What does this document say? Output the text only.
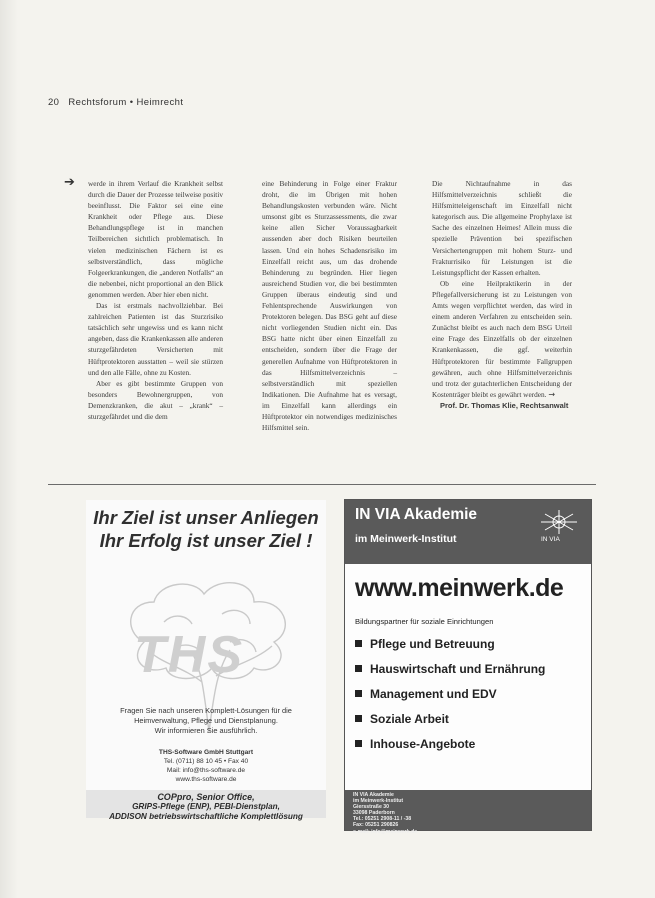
20 Rechtsforum • Heimrecht
➔ werde in ihrem Verlauf die Krankheit selbst durch die Dauer der Prozesse teilweise positiv beeinflusst. Die Faktor sei eine eine Krankheit oder Pflege aus. Diese Behandlungspflege ist in manchen Teilbereichen sichtlich problematisch. In vielen medizinischen Fächern ist es selbstverständlich, dass mögliche Folgeerkrankungen, die „anderen Notfalls“ an die nebenbei, nicht proportional an den Blick genommen werden. Aber hier eben nicht.

Das ist erstmals nachvollziehbar. Bei zahlreichen Patienten ist das Sturzrisiko tatsächlich sehr ungewiss und es kann nicht angeben, dass die Krankenkassen alle anderen sturzgefährdeten Versicherten mit Hüftprotektoren ausstatten – weil sie stürzen und den alle Fälle, ohne zu Kosten.

Aber es gibt bestimmte Gruppen von besonders Bewohnergruppen, von Demenzkranken, die akut – „krank“ – sturzgefährdet und die dem

eine Behinderung in Folge einer Fraktur droht, die im Übrigen mit hohen Behandlungskosten verbunden wäre. Nicht umsonst gibt es Sturzassessments, die zwar keine allen Sicher Voraussagbarkeit aussenden aber doch Risiken beurteilen lassen. Und ein hohes Schadensrisiko im Einzelfall reicht aus, um das drohende Behinderung zu begründen. Hier liegen ausreichend Studien vor, die bei bestimmten Gruppen überaus eindeutig sind und Fehlentsprechende Auswirkungen von Protektoren belegen. Das BSG geht auf diese nicht vorliegenden Studien nicht ein. Das BSG hatte nicht über einen Einzelfall zu entscheiden, sondern über die Frage der generellen Aufnahme von Hüftprotektoren in das Hilfsmittelverzeichnis – selbstverständlich mit speziellen Indikationen. Die Aufnahme hat es versagt, im Einzelfall kann allerdings ein Hüftprotektor ein notwendiges medizinisches Hilfsmittel sein.

Die Nichtaufnahme in das Hilfsmittelverzeichnis schließt die Hilfsmitteleigenschaft im Einzelfall nicht kategorisch aus. Die allgemeine Prophylaxe ist Sache des einzelnen Heimes! Allein muss die spezielle Prävention bei spezifischen Versichertengruppen mit hohem Sturz- und Frakturrisiko für Leistungen ist die Leistungspflicht der Kassen erhalten.

Ob eine Heilpraktikerin in der Pflegefallversicherung ist zu Leistungen von Amts wegen verpflichtet werden, das wird in einem anderen Verfahren zu entscheiden sein. Zunächst bleibt es auch nach dem BSG Urteil eine Frage des Einzelfalls ob der einzelnen Krankenkassen, die ggf. weiterhin Hüftprotektoren für bestimmte Fallgruppen gewähren, auch ohne Hilfsmittelverzeichnis und trotz der gutachterlichen Entscheidung der Kostenträger bleibt es gewährt werden. →

Prof. Dr. Thomas Klie, Rechtsanwalt

Ihr Ziel ist unser Anliegen
Ihr Erfolg ist unser Ziel !
THS
Fragen Sie nach unseren Komplett-Lösungen für die
Heimverwaltung, Pflege und Dienstplanung.
Wir informieren Sie ausführlich.
THS-Software GmbH Stuttgart
Tel. (0711) 88 10 45 • Fax 40
Mail: info@ths-software.de
www.ths-software.de
COPpro, Senior Office,
GRIPS-Pflege (ENP), PEBI-Dienstplan,
ADDISON betriebswirtschaftliche Komplettlösung
IN VIA Akademie
im Meinwerk-Institut	IN VIA
www.meinwerk.de
Bildungspartner für soziale Einrichtungen
Pflege und Betreuung
Hauswirtschaft und Ernährung
Management und EDV
Soziale Arbeit
Inhouse-Angebote
IN VIA Akademie
im Meinwerk-Institut
Giersstraße 30
33098 Paderborn
Tel.: 05251 2908-11 / -38
Fax: 05251 290826
e-mail: info@meinwerk.de
